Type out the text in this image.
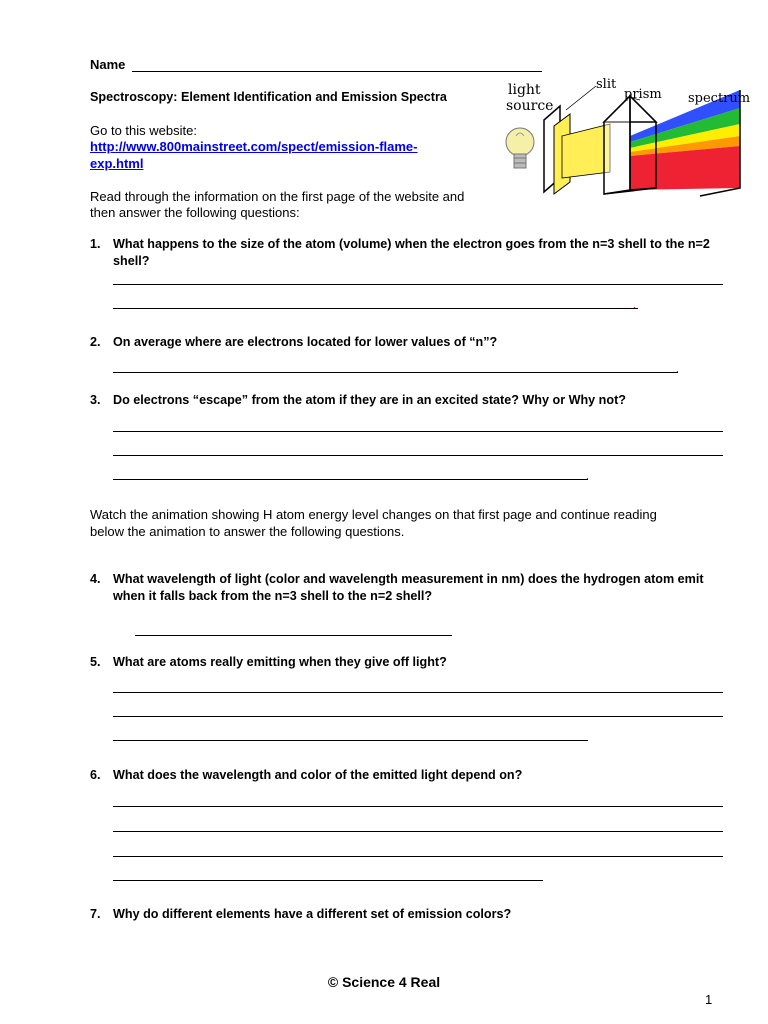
Name
Spectroscopy: Element Identification and Emission Spectra
Go to this website:
http://www.800mainstreet.com/spect/emission-flame-
exp.html
Read through the information on the first page of the website and
then answer the following questions:
light
source
slit
prism spectrum
1. What happens to the size of the atom (volume) when the electron goes from the n=3 shell to the n=2 shell?
.
2. On average where are electrons located for lower values of “n”?
.
3. Do electrons “escape” from the atom if they are in an excited state? Why or Why not?
.
Watch the animation showing H atom energy level changes on that first page and continue reading
below the animation to answer the following questions.
4. What wavelength of light (color and wavelength measurement in nm) does the hydrogen atom emit when it falls back from the n=3 shell to the n=2 shell?
5. What are atoms really emitting when they give off light?
6. What does the wavelength and color of the emitted light depend on?
7. Why do different elements have a different set of emission colors?
© Science 4 Real
1
